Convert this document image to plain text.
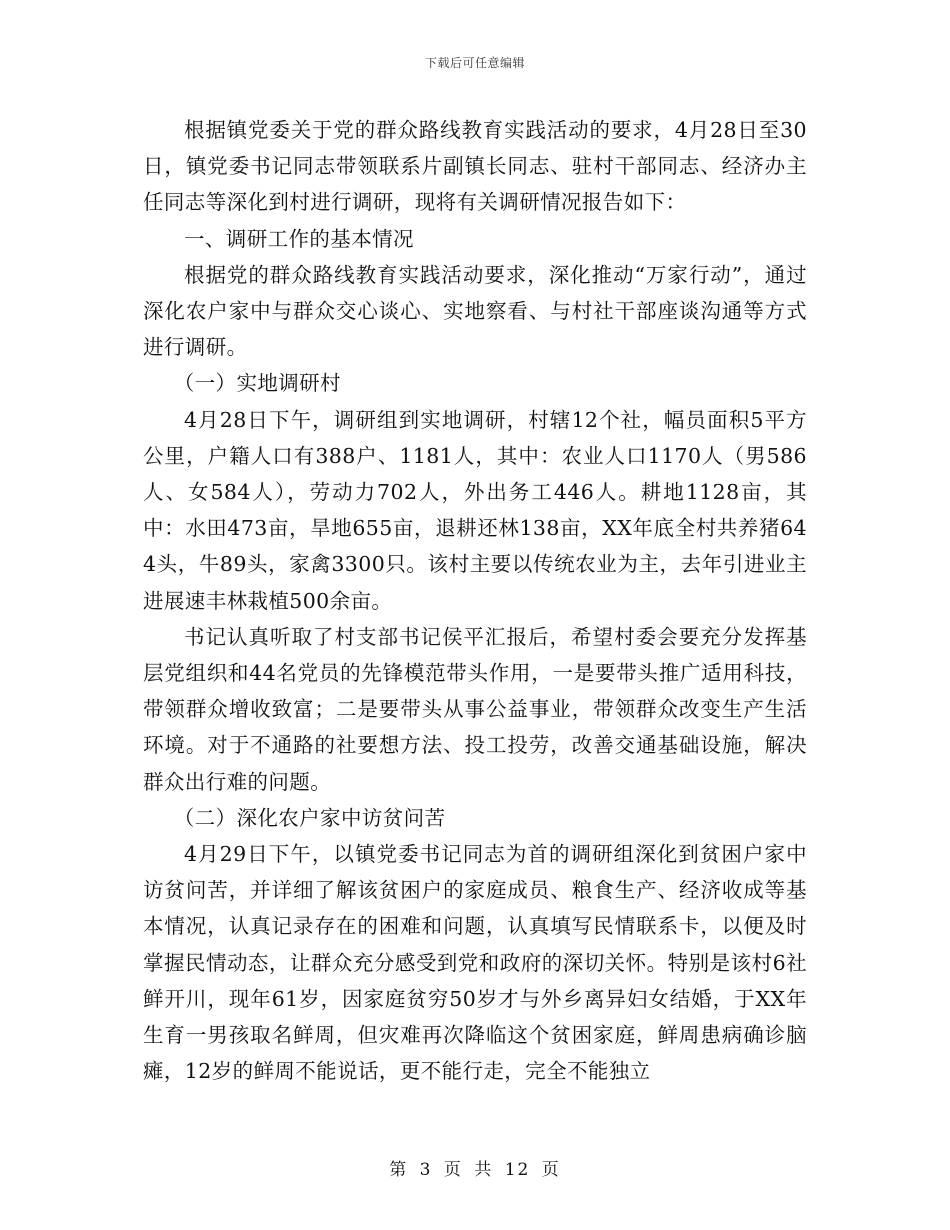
下载后可任意编辑

根据镇党委关于党的群众路线教育实践活动的要求，4月28日至30日，镇党委书记同志带领联系片副镇长同志、驻村干部同志、经济办主任同志等深化到村进行调研，现将有关调研情况报告如下：

一、调研工作的基本情况

根据党的群众路线教育实践活动要求，深化推动“万家行动”，通过深化农户家中与群众交心谈心、实地察看、与村社干部座谈沟通等方式进行调研。

（一）实地调研村

4月28日下午，调研组到实地调研，村辖12个社，幅员面积5平方公里，户籍人口有388户、1181人，其中：农业人口1170人（男586人、女584人），劳动力702人，外出务工446人。耕地1128亩，其中：水田473亩，旱地655亩，退耕还林138亩，XX年底全村共养猪644头，牛89头，家禽3300只。该村主要以传统农业为主，去年引进业主进展速丰林栽植500余亩。

书记认真听取了村支部书记侯平汇报后，希望村委会要充分发挥基层党组织和44名党员的先锋模范带头作用，一是要带头推广适用科技，带领群众增收致富；二是要带头从事公益事业，带领群众改变生产生活环境。对于不通路的社要想方法、投工投劳，改善交通基础设施，解决群众出行难的问题。

（二）深化农户家中访贫问苦

4月29日下午，以镇党委书记同志为首的调研组深化到贫困户家中访贫问苦，并详细了解该贫困户的家庭成员、粮食生产、经济收成等基本情况，认真记录存在的困难和问题，认真填写民情联系卡，以便及时掌握民情动态，让群众充分感受到党和政府的深切关怀。特别是该村6社鲜开川，现年61岁，因家庭贫穷50岁才与外乡离异妇女结婚，于XX年生育一男孩取名鲜周，但灾难再次降临这个贫困家庭，鲜周患病确诊脑瘫，12岁的鲜周不能说话，更不能行走，完全不能独立

第 3 页 共 12 页
